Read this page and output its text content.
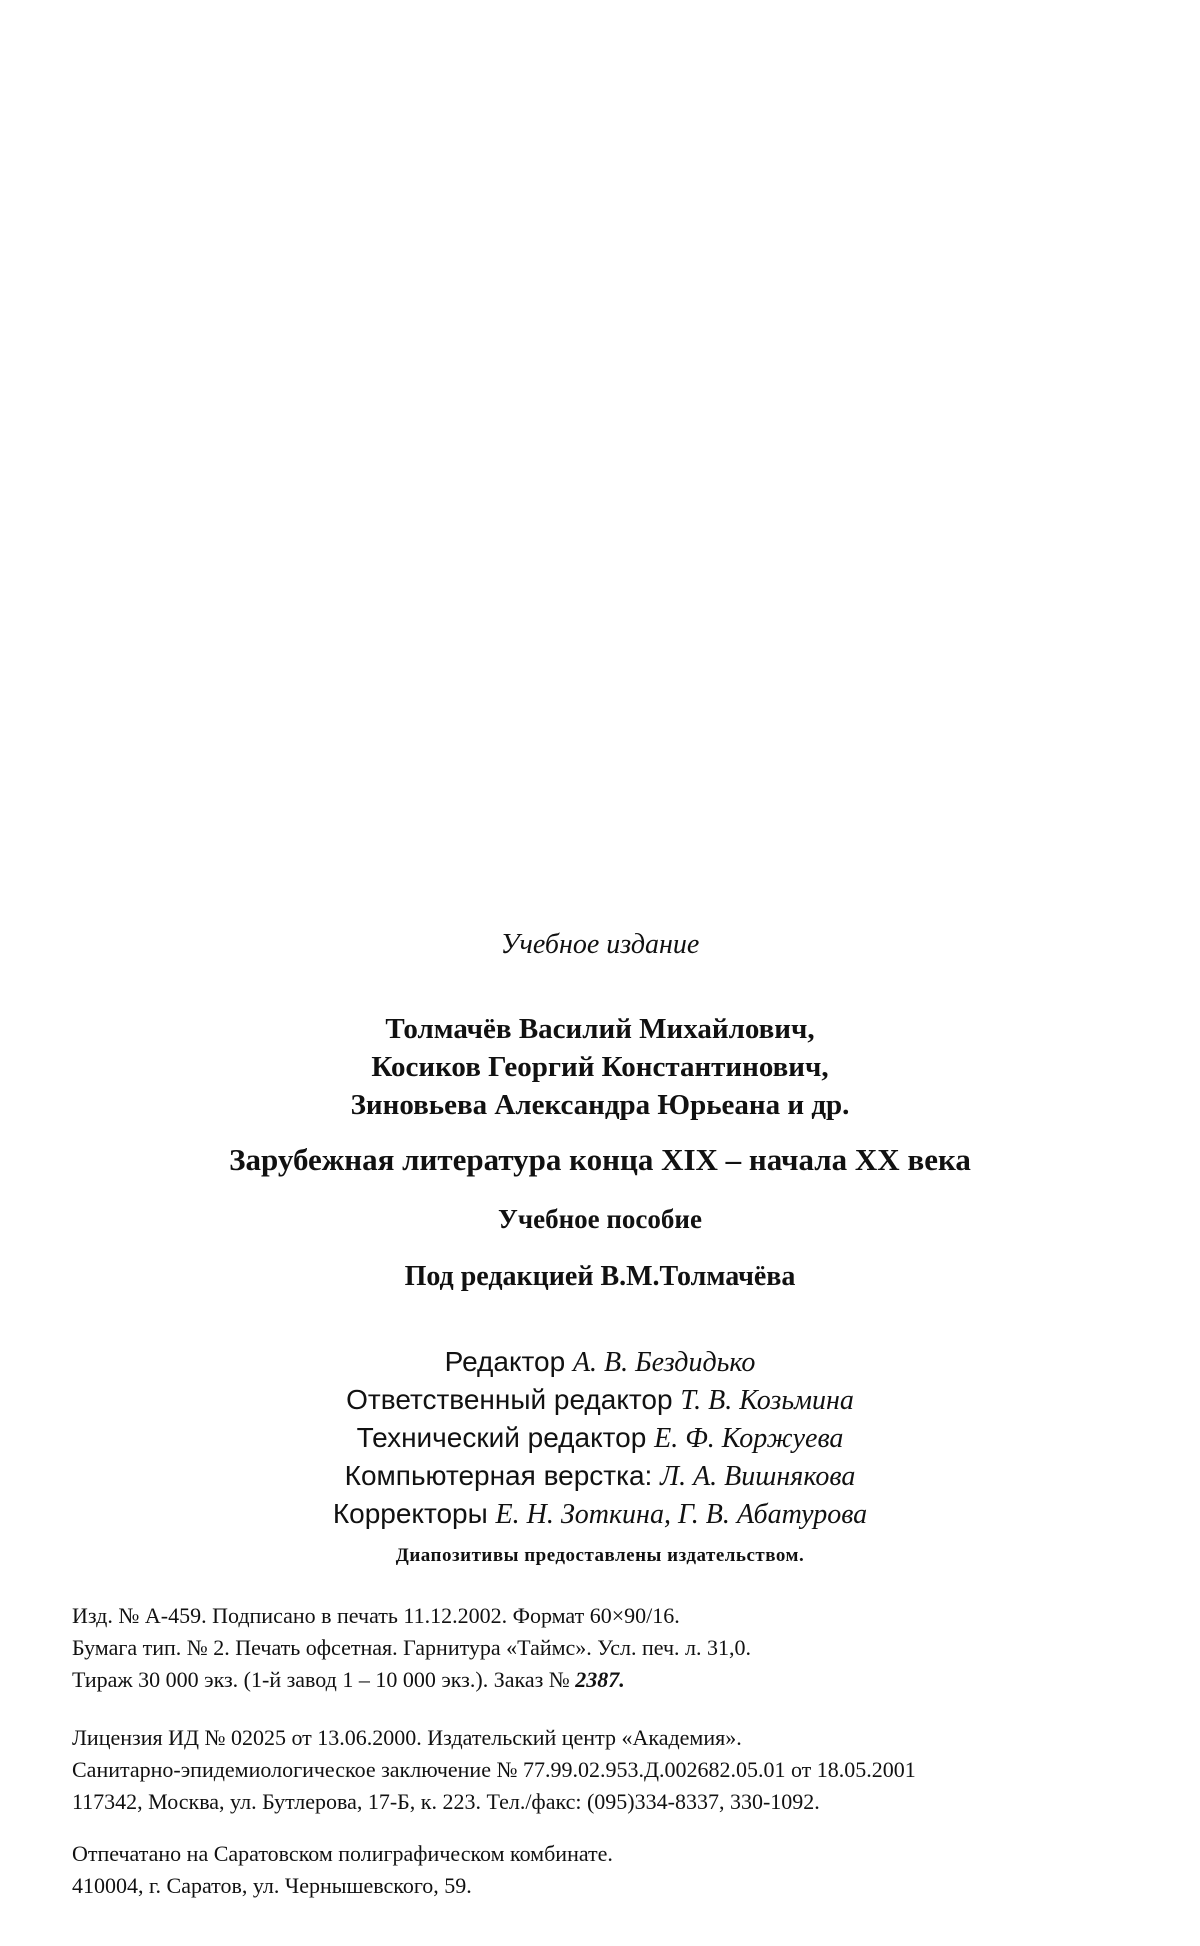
Учебное издание
Толмачёв Василий Михайлович,
Косиков Георгий Константинович,
Зиновьева Александра Юрьеана и др.
Зарубежная литература конца XIX – начала XX века
Учебное пособие
Под редакцией В.М.Толмачёва
Редактор А. В. Бездидько
Ответственный редактор Т. В. Козьмина
Технический редактор Е. Ф. Коржуева
Компьютерная верстка: Л. А. Вишнякова
Корректоры Е. Н. Зоткина, Г. В. Абатурова
Диапозитивы предоставлены издательством.
Изд. № А-459. Подписано в печать 11.12.2002. Формат 60×90/16.
Бумага тип. № 2. Печать офсетная. Гарнитура «Таймс». Усл. печ. л. 31,0.
Тираж 30 000 экз. (1-й завод 1 – 10 000 экз.). Заказ № 2387.
Лицензия ИД № 02025 от 13.06.2000. Издательский центр «Академия».
Санитарно-эпидемиологическое заключение № 77.99.02.953.Д.002682.05.01 от 18.05.2001
117342, Москва, ул. Бутлерова, 17-Б, к. 223. Тел./факс: (095)334-8337, 330-1092.
Отпечатано на Саратовском полиграфическом комбинате.
410004, г. Саратов, ул. Чернышевского, 59.
